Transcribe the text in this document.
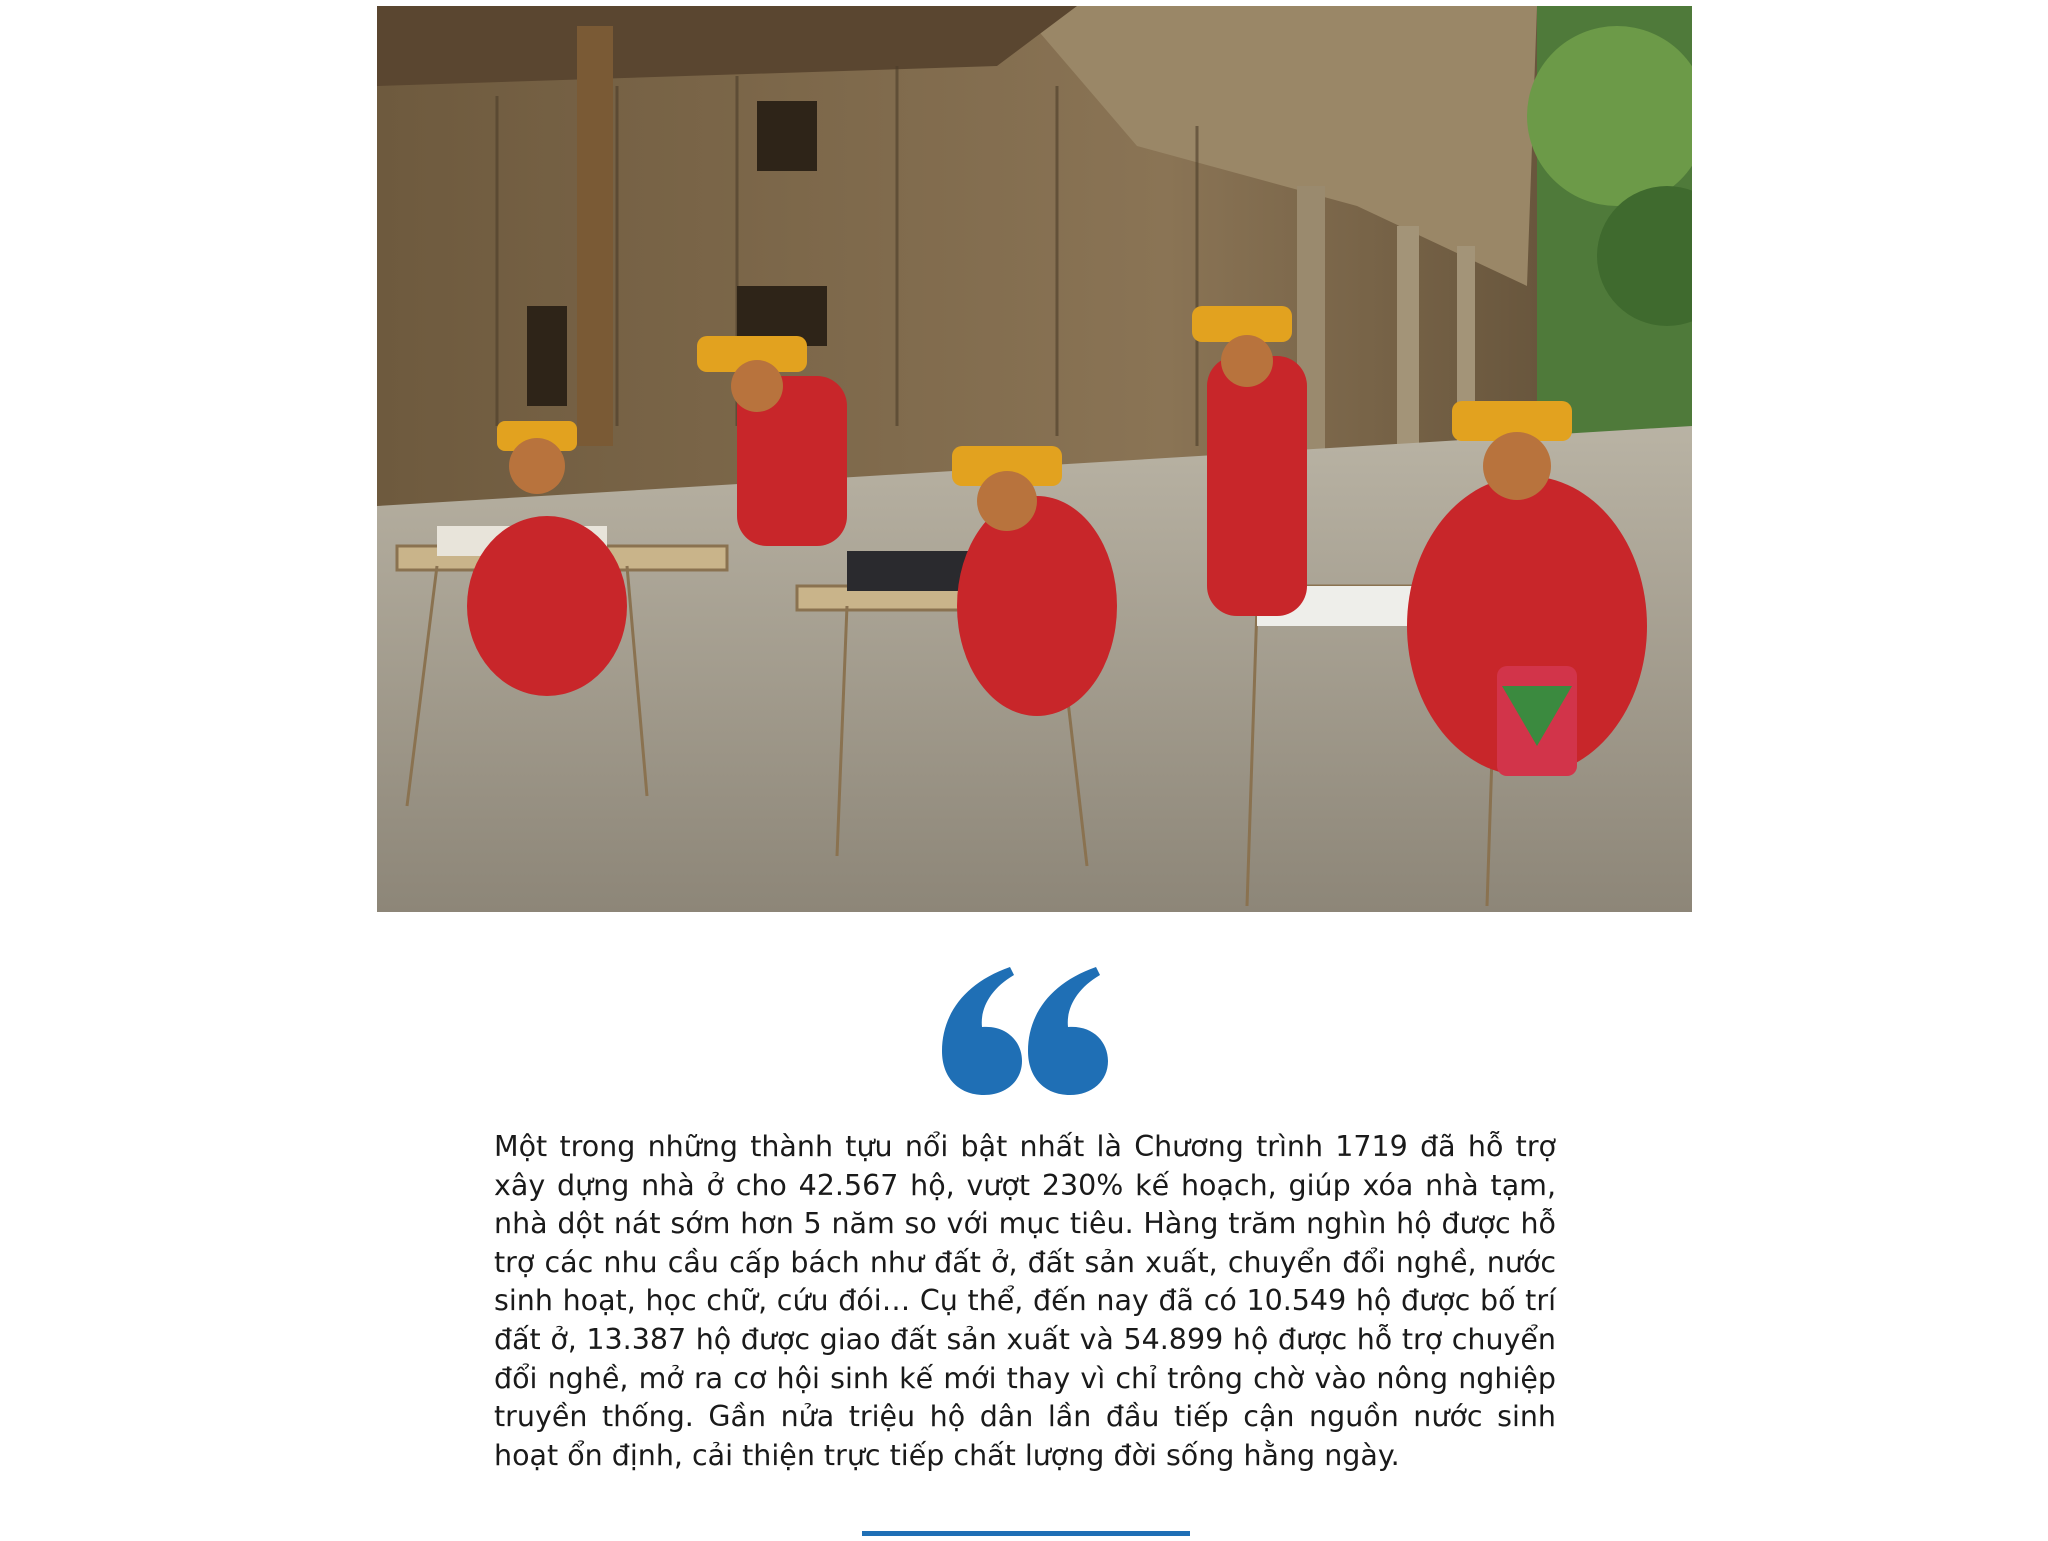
Một trong những thành tựu nổi bật nhất là Chương trình 1719 đã hỗ trợ xây dựng nhà ở cho 42.567 hộ, vượt 230% kế hoạch, giúp xóa nhà tạm, nhà dột nát sớm hơn 5 năm so với mục tiêu. Hàng trăm nghìn hộ được hỗ trợ các nhu cầu cấp bách như đất ở, đất sản xuất, chuyển đổi nghề, nước sinh hoạt, học chữ, cứu đói… Cụ thể, đến nay đã có 10.549 hộ được bố trí đất ở, 13.387 hộ được giao đất sản xuất và 54.899 hộ được hỗ trợ chuyển đổi nghề, mở ra cơ hội sinh kế mới thay vì chỉ trông chờ vào nông nghiệp truyền thống. Gần nửa triệu hộ dân lần đầu tiếp cận nguồn nước sinh hoạt ổn định, cải thiện trực tiếp chất lượng đời sống hằng ngày.
